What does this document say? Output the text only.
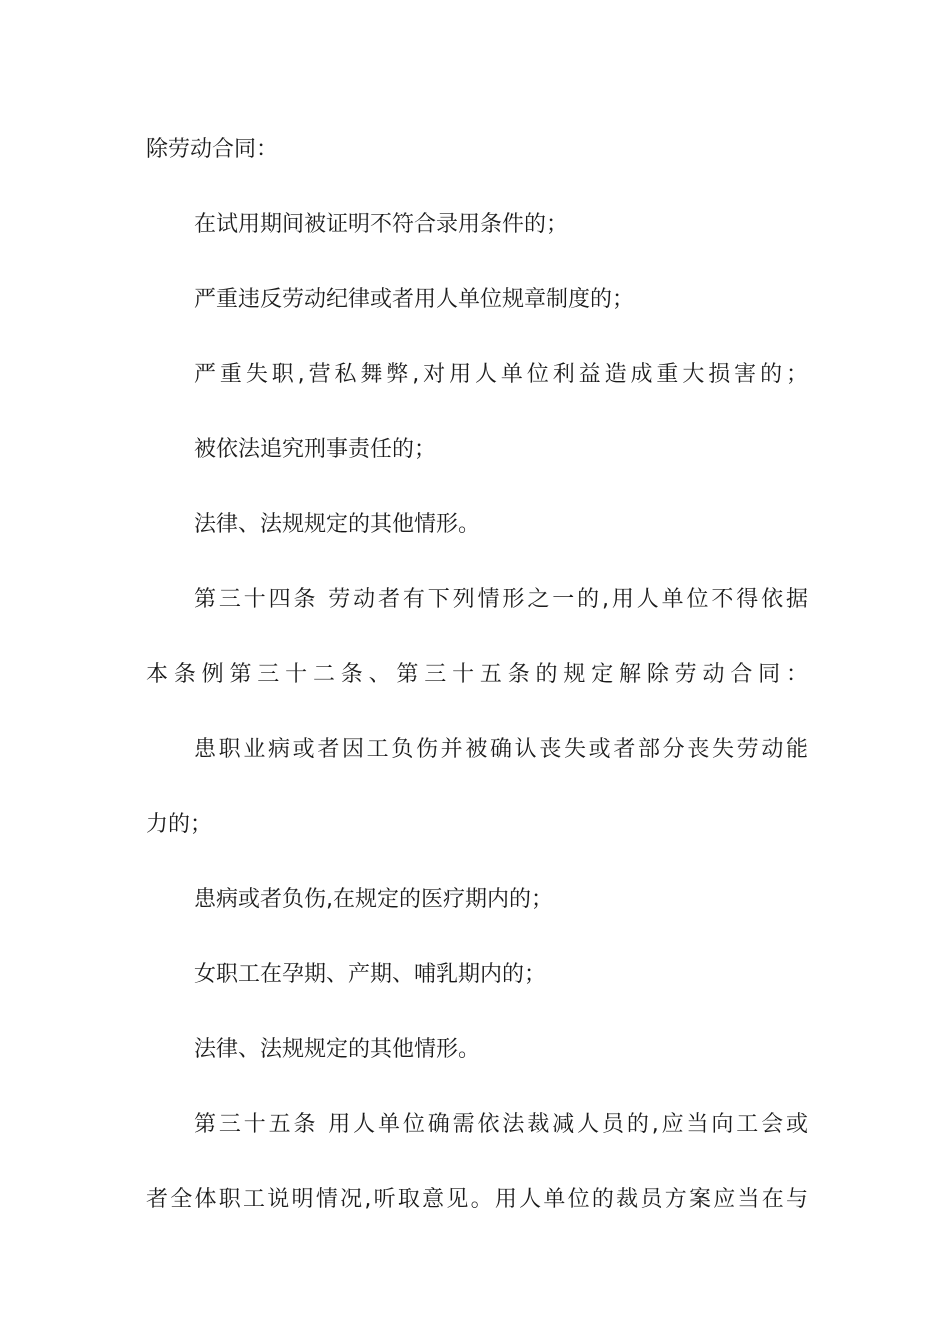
除劳动合同：
在试用期间被证明不符合录用条件的；
严重违反劳动纪律或者用人单位规章制度的；
严重失职,营私舞弊,对用人单位利益造成重大损害的；
被依法追究刑事责任的；
法律、法规规定的其他情形。
第三十四条 劳动者有下列情形之一的,用人单位不得依据
本条例第三十二条、第三十五条的规定解除劳动合同：
患职业病或者因工负伤并被确认丧失或者部分丧失劳动能
力的；
患病或者负伤,在规定的医疗期内的；
女职工在孕期、产期、哺乳期内的；
法律、法规规定的其他情形。
第三十五条 用人单位确需依法裁减人员的,应当向工会或
者全体职工说明情况,听取意见。用人单位的裁员方案应当在与
